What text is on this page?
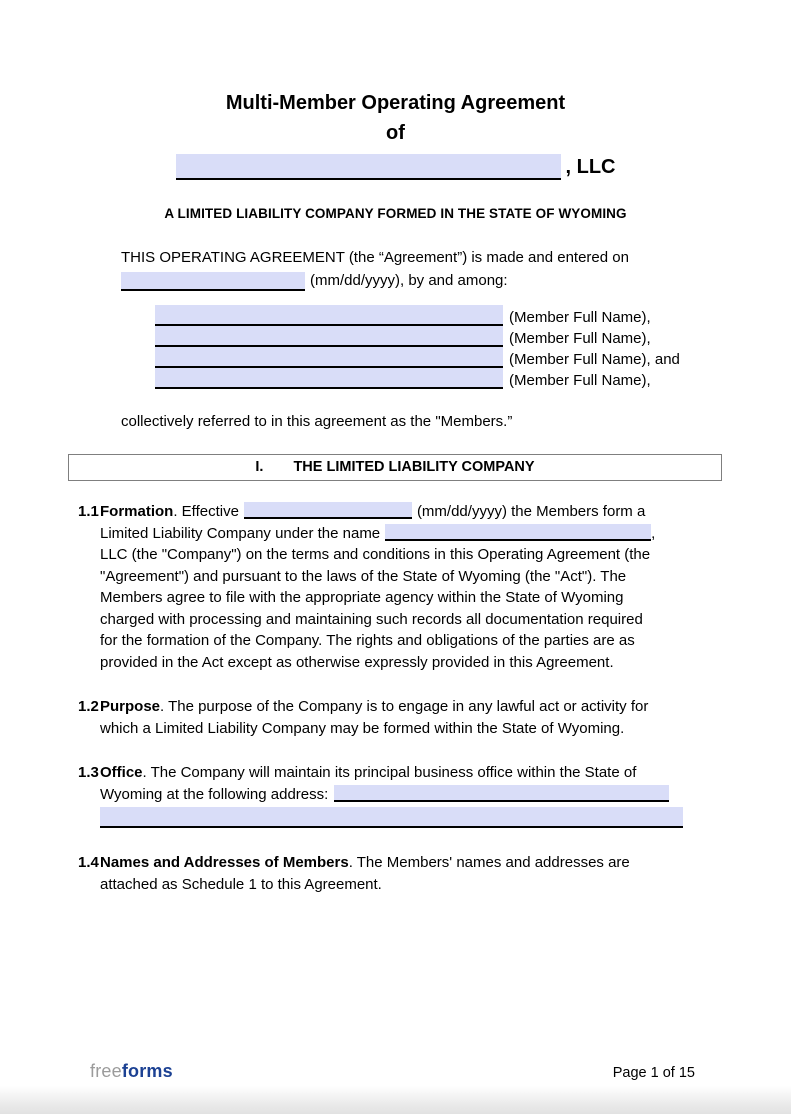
Multi-Member Operating Agreement
of
, LLC
A LIMITED LIABILITY COMPANY FORMED IN THE STATE OF WYOMING
THIS OPERATING AGREEMENT (the “Agreement”) is made and entered on
(mm/dd/yyyy), by and among:
(Member Full Name),
(Member Full Name),
(Member Full Name), and
(Member Full Name),
collectively referred to in this agreement as the "Members.”
I. THE LIMITED LIABILITY COMPANY
1.1 Formation. Effective	(mm/dd/yyyy) the Members form a
Limited Liability Company under the name	,
LLC (the "Company") on the terms and conditions in this Operating Agreement (the
"Agreement") and pursuant to the laws of the State of Wyoming (the "Act"). The
Members agree to file with the appropriate agency within the State of Wyoming
charged with processing and maintaining such records all documentation required
for the formation of the Company. The rights and obligations of the parties are as
provided in the Act except as otherwise expressly provided in this Agreement.
1.2 Purpose. The purpose of the Company is to engage in any lawful act or activity for
which a Limited Liability Company may be formed within the State of Wyoming.
1.3 Office. The Company will maintain its principal business office within the State of
Wyoming at the following address:
1.4 Names and Addresses of Members. The Members' names and addresses are
attached as Schedule 1 to this Agreement.
freeforms	Page 1 of 15
